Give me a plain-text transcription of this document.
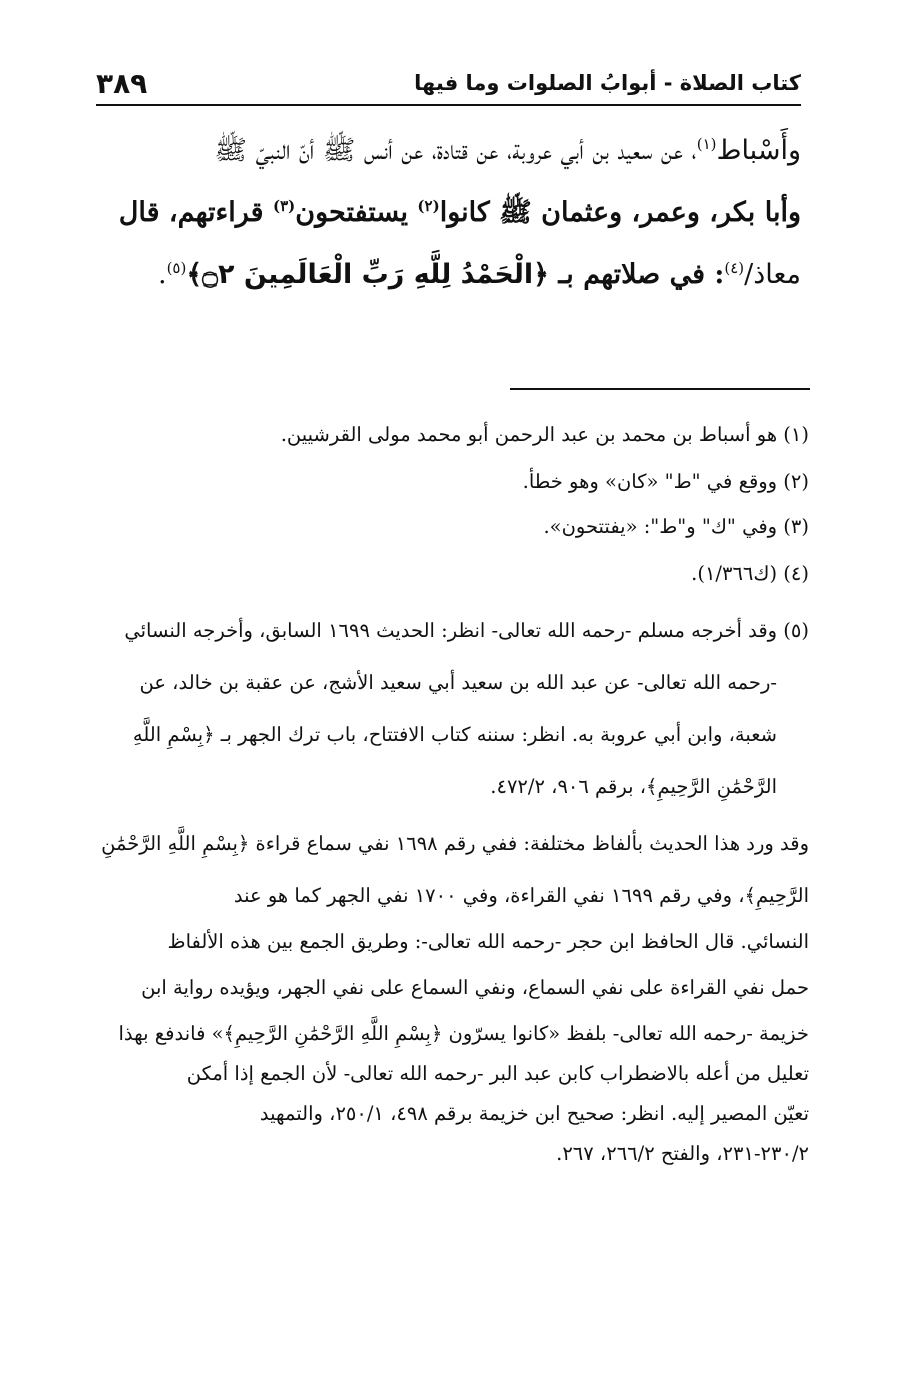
كتاب الصلاة - أبوابُ الصلوات وما فيها
٣٨٩
وأَسْباط$^{(١)}$، عن سعيد بن أبي عروبة، عن قتادة، عن أنس ﷺ أنّ النبيّ ﷺ
وأبا بكر، وعمر، وعثمان ﷺ كانوا$^{(٢)}$ يستفتحون$^{(٣)}$ قراءتهم، قال
معاذ/$^{(٤)}$: في صلاتهم بـ ﴿الْحَمْدُ لِلَّهِ رَبِّ الْعَالَمِينَ ۝٢﴾$^{(٥)}$.
(١) هو أسباط بن محمد بن عبد الرحمن أبو محمد مولى القرشيين.
(٢) ووقع في "ط" «كان» وهو خطأ.
(٣) وفي "ك" و"ط": «يفتتحون».
(٤) (ك١/٣٦٦).
(٥) وقد أخرجه مسلم -رحمه الله تعالى- انظر: الحديث ١٦٩٩ السابق، وأخرجه النسائي
-رحمه الله تعالى- عن عبد الله بن سعيد أبي سعيد الأشج، عن عقبة بن خالد، عن
شعبة، وابن أبي عروبة به. انظر: سننه كتاب الافتتاح، باب ترك الجهر بـ ﴿بِسْمِ اللَّهِ
الرَّحْمَٰنِ الرَّحِيمِ﴾، برقم ٩٠٦، ٤٧٢/٢.
وقد ورد هذا الحديث بألفاظ مختلفة: ففي رقم ١٦٩٨ نفي سماع قراءة ﴿بِسْمِ اللَّهِ الرَّحْمَٰنِ
الرَّحِيمِ﴾، وفي رقم ١٦٩٩ نفي القراءة، وفي ١٧٠٠ نفي الجهر كما هو عند
النسائي. قال الحافظ ابن حجر -رحمه الله تعالى-: وطريق الجمع بين هذه الألفاظ
حمل نفي القراءة على نفي السماع، ونفي السماع على نفي الجهر، ويؤيده رواية ابن
خزيمة -رحمه الله تعالى- بلفظ «كانوا يسرّون ﴿بِسْمِ اللَّهِ الرَّحْمَٰنِ الرَّحِيمِ﴾» فاندفع بهذا
تعليل من أعله بالاضطراب كابن عبد البر -رحمه الله تعالى- لأن الجمع إذا أمكن
تعيّن المصير إليه. انظر: صحيح ابن خزيمة برقم ٤٩٨، ٢٥٠/١، والتمهيد
٢٣٠/٢-٢٣١، والفتح ٢٦٦/٢، ٢٦٧.
